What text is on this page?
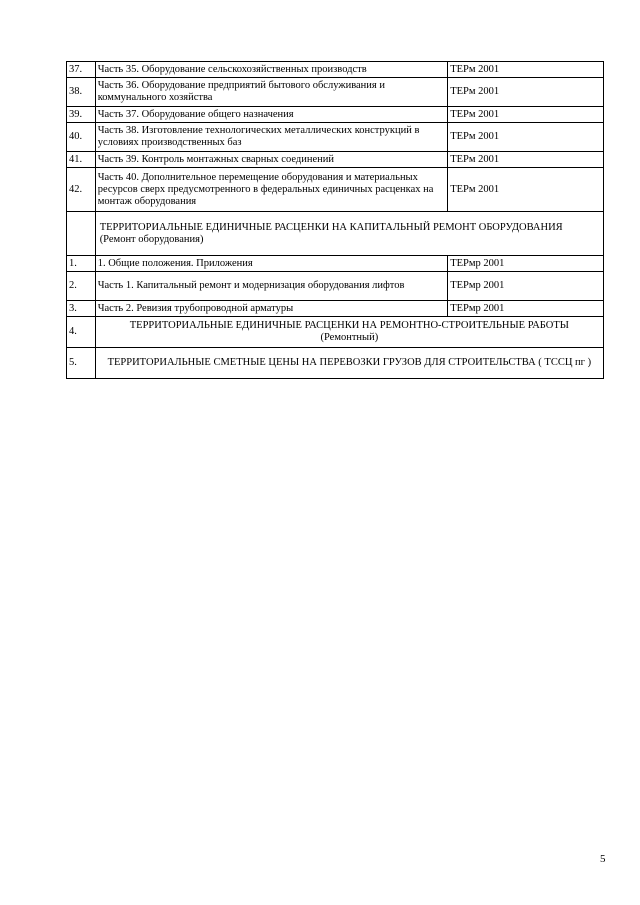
37.	Часть 35. Оборудование сельскохозяйственных производств	ТЕРм 2001
38.	Часть 36. Оборудование предприятий бытового обслуживания и коммунального хозяйства	ТЕРм 2001
39.	Часть 37. Оборудование общего назначения	ТЕРм 2001
40.	Часть 38. Изготовление технологических металлических конструкций в условиях производственных баз	ТЕРм 2001
41.	Часть 39. Контроль монтажных сварных соединений	ТЕРм 2001
42.	Часть 40. Дополнительное перемещение оборудования и материальных ресурсов сверх предусмотренного в федеральных единичных расценках на монтаж оборудования	ТЕРм 2001
	ТЕРРИТОРИАЛЬНЫЕ ЕДИНИЧНЫЕ РАСЦЕНКИ НА КАПИТАЛЬНЫЙ РЕМОНТ ОБОРУДОВАНИЯ (Ремонт оборудования)	
1.	1. Общие положения. Приложения	ТЕРмр 2001
2.	Часть 1. Капитальный ремонт и модернизация оборудования лифтов	ТЕРмр 2001
3.	Часть 2. Ревизия трубопроводной арматуры	ТЕРмр 2001
4.	ТЕРРИТОРИАЛЬНЫЕ ЕДИНИЧНЫЕ РАСЦЕНКИ НА РЕМОНТНО-СТРОИТЕЛЬНЫЕ РАБОТЫ (Ремонтный)	
5.	ТЕРРИТОРИАЛЬНЫЕ СМЕТНЫЕ ЦЕНЫ НА ПЕРЕВОЗКИ ГРУЗОВ ДЛЯ СТРОИТЕЛЬСТВА ( ТССЦ пг )	
5
